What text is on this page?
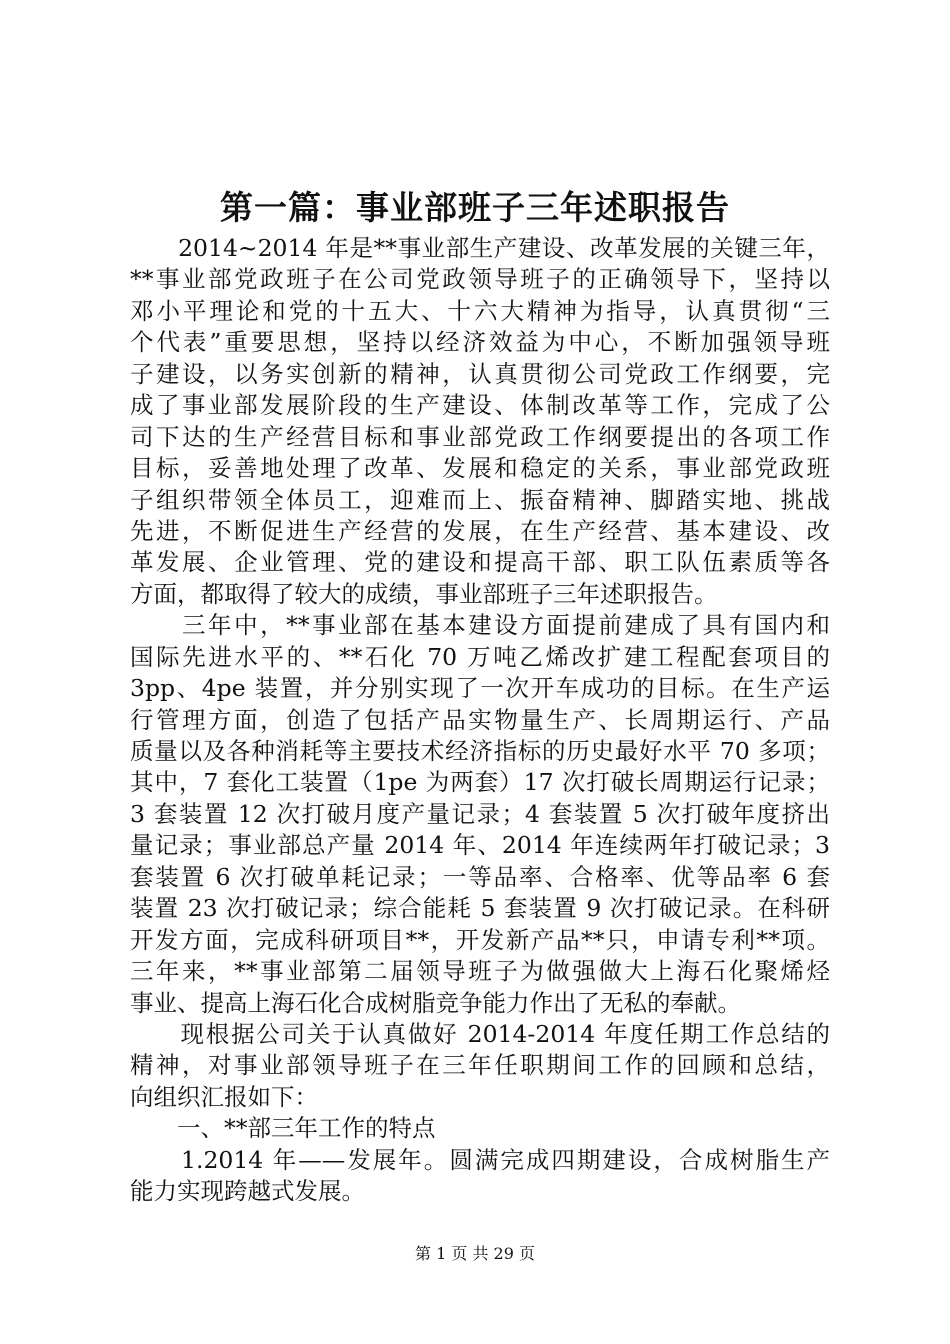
第一篇：事业部班子三年述职报告
　　2014~2014 年是**事业部生产建设、改革发展的关键三年，
**事业部党政班子在公司党政领导班子的正确领导下，坚持以
邓小平理论和党的十五大、十六大精神为指导，认真贯彻“三
个代表”重要思想，坚持以经济效益为中心，不断加强领导班
子建设，以务实创新的精神，认真贯彻公司党政工作纲要，完
成了事业部发展阶段的生产建设、体制改革等工作，完成了公
司下达的生产经营目标和事业部党政工作纲要提出的各项工作
目标，妥善地处理了改革、发展和稳定的关系，事业部党政班
子组织带领全体员工，迎难而上、振奋精神、脚踏实地、挑战
先进，不断促进生产经营的发展，在生产经营、基本建设、改
革发展、企业管理、党的建设和提高干部、职工队伍素质等各
方面，都取得了较大的成绩，事业部班子三年述职报告。
　　三年中，**事业部在基本建设方面提前建成了具有国内和
国际先进水平的、**石化 70 万吨乙烯改扩建工程配套项目的
3pp、4pe 装置，并分别实现了一次开车成功的目标。在生产运
行管理方面，创造了包括产品实物量生产、长周期运行、产品
质量以及各种消耗等主要技术经济指标的历史最好水平 70 多项；
其中，7 套化工装置（1pe 为两套）17 次打破长周期运行记录；
3 套装置 12 次打破月度产量记录；4 套装置 5 次打破年度挤出
量记录；事业部总产量 2014 年、2014 年连续两年打破记录；3
套装置 6 次打破单耗记录；一等品率、合格率、优等品率 6 套
装置 23 次打破记录；综合能耗 5 套装置 9 次打破记录。在科研
开发方面，完成科研项目**，开发新产品**只，申请专利**项。
三年来，**事业部第二届领导班子为做强做大上海石化聚烯烃
事业、提高上海石化合成树脂竞争能力作出了无私的奉献。
　　现根据公司关于认真做好 2014-2014 年度任期工作总结的
精神，对事业部领导班子在三年任职期间工作的回顾和总结，
向组织汇报如下：
　　一、**部三年工作的特点
　　1.2014 年——发展年。圆满完成四期建设，合成树脂生产
能力实现跨越式发展。
第 1 页 共 29 页
